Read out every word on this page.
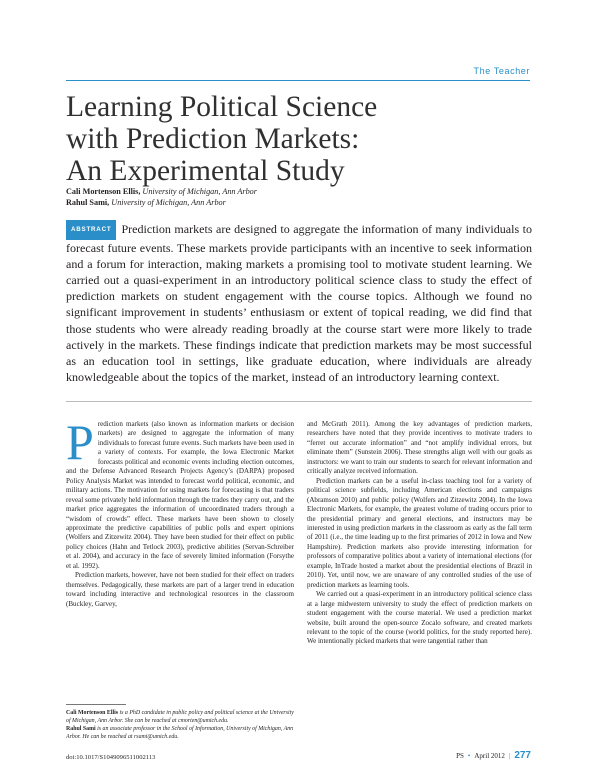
The Teacher
Learning Political Science
with Prediction Markets:
An Experimental Study
Cali Mortenson Ellis, University of Michigan, Ann Arbor
Rahul Sami, University of Michigan, Ann Arbor

ABSTRACT Prediction markets are designed to aggregate the information of many individuals to forecast future events. These markets provide participants with an incentive to seek information and a forum for interaction, making markets a promising tool to motivate student learning. We carried out a quasi-experiment in an introductory political science class to study the effect of prediction markets on student engagement with the course topics. Although we found no significant improvement in students’ enthusiasm or extent of topical reading, we did find that those students who were already reading broadly at the course start were more likely to trade actively in the markets. These findings indicate that prediction markets may be most successful as an education tool in settings, like graduate education, where individuals are already knowledgeable about the topics of the market, instead of an introductory learning context.

Prediction markets (also known as information markets or decision markets) are designed to aggregate the information of many individuals to forecast future events. Such markets have been used in a variety of contexts. For example, the Iowa Electronic Market forecasts political and economic events including election outcomes, and the Defense Advanced Research Projects Agency’s (DARPA) proposed Policy Analysis Market was intended to forecast world political, economic, and military actions. The motivation for using markets for forecasting is that traders reveal some privately held information through the trades they carry out, and the market price aggregates the information of uncoordinated traders through a “wisdom of crowds” effect. These markets have been shown to closely approximate the predictive capabilities of public polls and expert opinions (Wolfers and Zitzewitz 2004). They have been studied for their effect on public policy choices (Hahn and Tetlock 2003), predictive abilities (Servan-Schreiber et al. 2004), and accuracy in the face of severely limited information (Forsythe et al. 1992).

Prediction markets, however, have not been studied for their effect on traders themselves. Pedagogically, these markets are part of a larger trend in education toward including interactive and technological resources in the classroom (Buckley, Garvey,

and McGrath 2011). Among the key advantages of prediction markets, researchers have noted that they provide incentives to motivate traders to “ferret out accurate information” and “not amplify individual errors, but eliminate them” (Sunstein 2006). These strengths align well with our goals as instructors: we want to train our students to search for relevant information and critically analyze received information.

Prediction markets can be a useful in-class teaching tool for a variety of political science subfields, including American elections and campaigns (Abramson 2010) and public policy (Wolfers and Zitzewitz 2004). In the Iowa Electronic Markets, for example, the greatest volume of trading occurs prior to the presidential primary and general elections, and instructors may be interested in using prediction markets in the classroom as early as the fall term of 2011 (i.e., the time leading up to the first primaries of 2012 in Iowa and New Hampshire). Prediction markets also provide interesting information for professors of comparative politics about a variety of international elections (for example, InTrade hosted a market about the presidential elections of Brazil in 2010). Yet, until now, we are unaware of any controlled studies of the use of prediction markets as learning tools.

We carried out a quasi-experiment in an introductory political science class at a large midwestern university to study the effect of prediction markets on student engagement with the course material. We used a prediction market website, built around the open-source Zocalo software, and created markets relevant to the topic of the course (world politics, for the study reported here). We intentionally picked markets that were tangential rather than

Cali Mortenson Ellis is a PhD candidate in public policy and political science at the University of Michigan, Ann Arbor. She can be reached at cmorten@umich.edu.

Rahul Sami is an associate professor in the School of Information, University of Michigan, Ann Arbor. He can be reached at rsami@umich.edu.

doi:10.1017/S1049096511002113	PS • April 2012 | 277
